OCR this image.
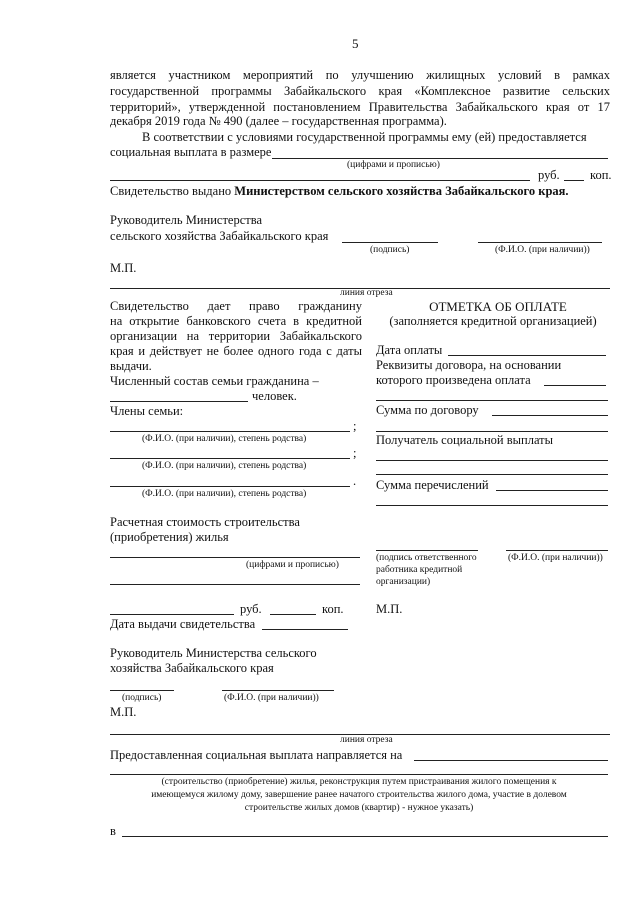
5
является участником мероприятий по улучшению жилищных условий в рамках
государственной программы Забайкальского края «Комплексное развитие сельских
территорий», утвержденной постановлением Правительства Забайкальского края от 17
декабря 2019 года № 490 (далее – государственная программа).
В соответствии с условиями государственной программы ему (ей) предоставляется
социальная выплата в размере
(цифрами и прописью)
руб. коп.
Свидетельство выдано Министерством сельского хозяйства Забайкальского края.
Руководитель Министерства
сельского хозяйства Забайкальского края
(подпись)	(Ф.И.О. (при наличии))
М.П.
линия отреза
Свидетельство дает право гражданину
на открытие банковского счета в кредитной
организации на территории Забайкальского
края и действует не более одного года с даты
выдачи.
Численный состав семьи гражданина –
человек.
Члены семьи:
;
(Ф.И.О. (при наличии), степень родства)
;
(Ф.И.О. (при наличии), степень родства)
.
(Ф.И.О. (при наличии), степень родства)
Расчетная стоимость строительства
(приобретения) жилья
(цифрами и прописью)
руб.	коп.
Дата выдачи свидетельства
Руководитель Министерства сельского
хозяйства Забайкальского края
(подпись)	(Ф.И.О. (при наличии))
М.П.
ОТМЕТКА ОБ ОПЛАТЕ
(заполняется кредитной организацией)
Дата оплаты
Реквизиты договора, на основании
которого произведена оплата
Сумма по договору
Получатель социальной выплаты
Сумма перечислений
(подпись ответственного
работника кредитной
организации)
(Ф.И.О. (при наличии))
М.П.
линия отреза
Предоставленная социальная выплата направляется на
(строительство (приобретение) жилья, реконструкция путем пристраивания жилого помещения к
имеющемуся жилому дому, завершение ранее начатого строительства жилого дома, участие в долевом
строительстве жилых домов (квартир) - нужное указать)
в
